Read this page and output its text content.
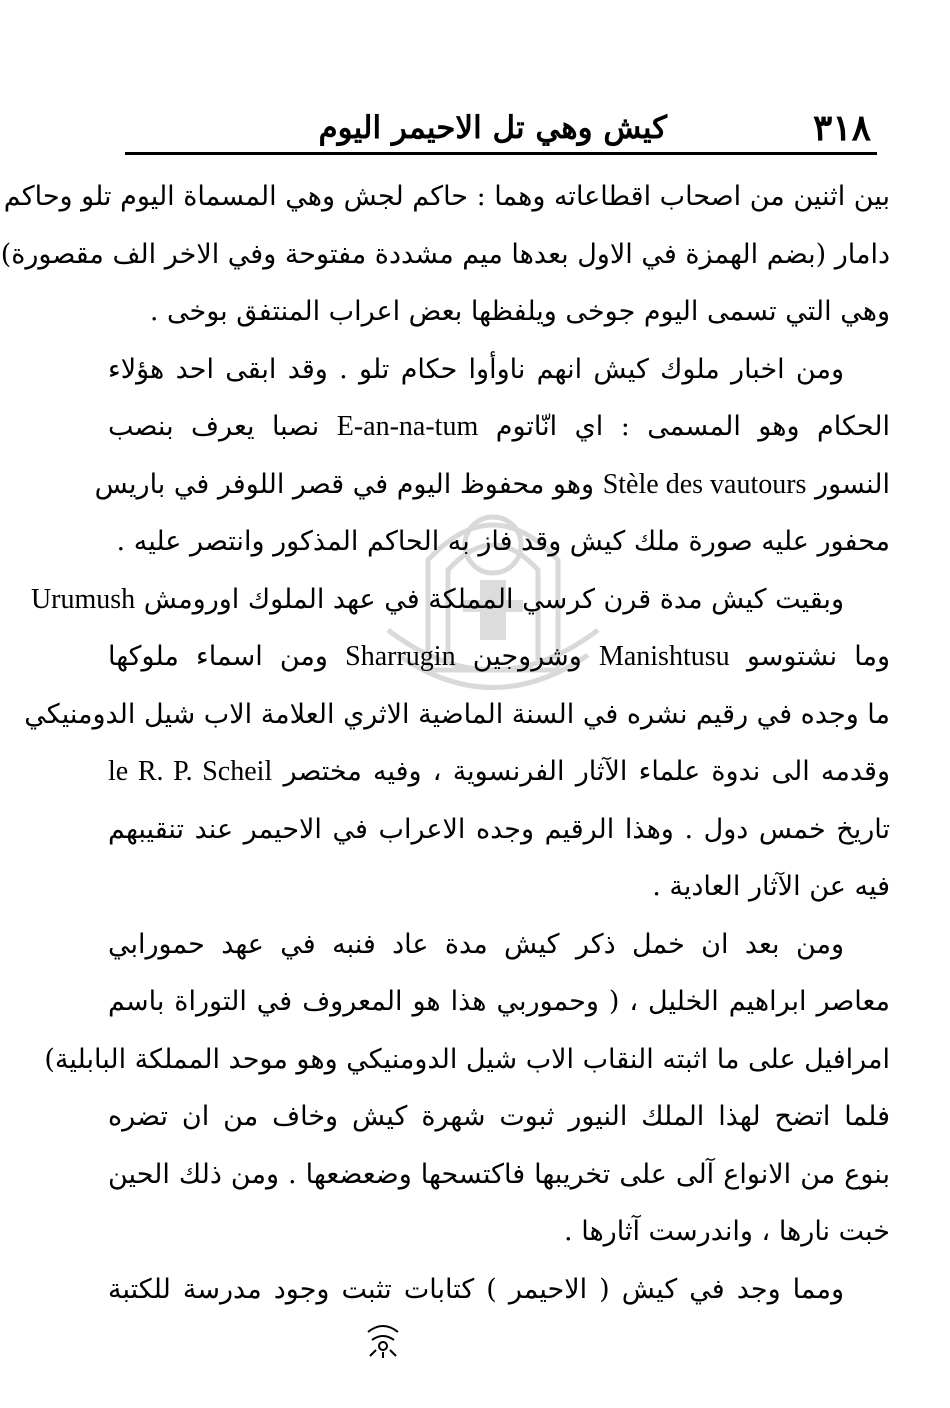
٣١٨
كيش وهي تل الاحيمر اليوم
بين اثنين من اصحاب اقطاعاته وهما : حاكم لجش وهي المسماة اليوم تلو وحاكم
دامار (بضم الهمزة في الاول بعدها ميم مشددة مفتوحة وفي الاخر الف مقصورة)
وهي التي تسمى اليوم جوخى ويلفظها بعض اعراب المنتفق بوخى .
ومن اخبار ملوك كيش انهم ناوأوا حكام تلو . وقد ابقى احد هؤلاء
الحكام وهو المسمى : اي انّاتوم E-an-na-tum نصبا يعرف بنصب
النسور Stèle des vautours وهو محفوظ اليوم في قصر اللوفر في باريس
محفور عليه صورة ملك كيش وقد فاز به الحاكم المذكور وانتصر عليه .
وبقيت كيش مدة قرن كرسي المملكة في عهد الملوك اورومش Urumush
وما نشتوسو Manishtusu وشروجين Sharrugin ومن اسماء ملوكها
ما وجده في رقيم نشره في السنة الماضية الاثري العلامة الاب شيل الدومنيكي
وقدمه الى ندوة علماء الآثار الفرنسوية ، وفيه مختصر le R. P. Scheil
تاريخ خمس دول . وهذا الرقيم وجده الاعراب في الاحيمر عند تنقيبهم
فيه عن الآثار العادية .
ومن بعد ان خمل ذكر كيش مدة عاد فنبه في عهد حمورابي
معاصر ابراهيم الخليل ، ( وحموربي هذا هو المعروف في التوراة باسم
امرافيل على ما اثبته النقاب الاب شيل الدومنيكي وهو موحد المملكة البابلية)
فلما اتضح لهذا الملك النيور ثبوت شهرة كيش وخاف من ان تضره
بنوع من الانواع آلى على تخريبها فاكتسحها وضعضعها . ومن ذلك الحين
خبت نارها ، واندرست آثارها .
ومما وجد في كيش ( الاحيمر ) كتابات تثبت وجود مدرسة للكتبة
